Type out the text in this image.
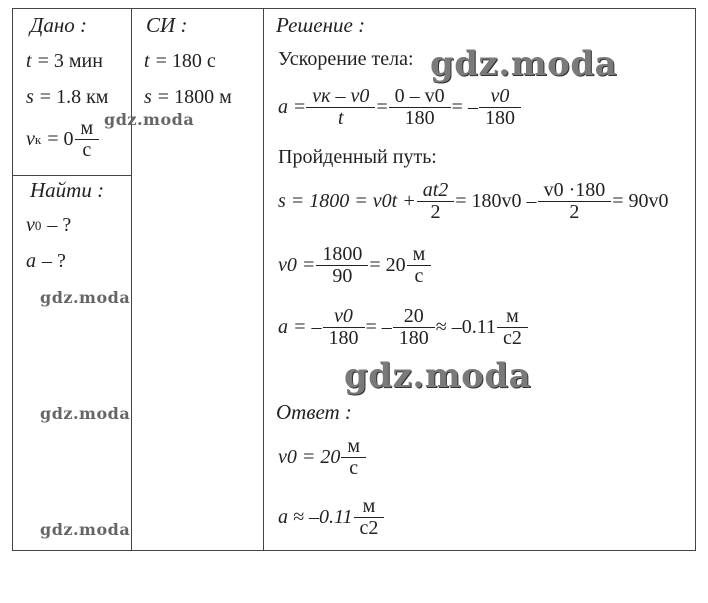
Дано :	СИ :	Решение :
t = 3 мин
s = 1.8 км
v $к = 0 \frac{м}{с}$
t = 180 с
s = 1800 м
Найти :
v 0 – ?
a – ?
Ускорение тела:
$a = \frac{vк - v0}{t} = \frac{0 - v0}{180}$ = – $\frac{v0}{180}$
Пройденный путь:
$s = 1800 = v0t + \frac{at2}{2} = 180v0 - \frac{v0 \cdot 180}{2} = 90v0$
$v0 = \frac{1800}{90} = 20 \frac{м}{с}$
a = – $\frac{v0}{180}$ = – $\frac{20}{180} \approx -0.11 \frac{м}{с2}$
Ответ :
$v0 = 20 \frac{м}{с}$
$a \approx -0.11 \frac{м}{с2}$
gdz.moda
gdz.moda
gdz.moda
gdz.moda
gdz.moda
gdz.moda
